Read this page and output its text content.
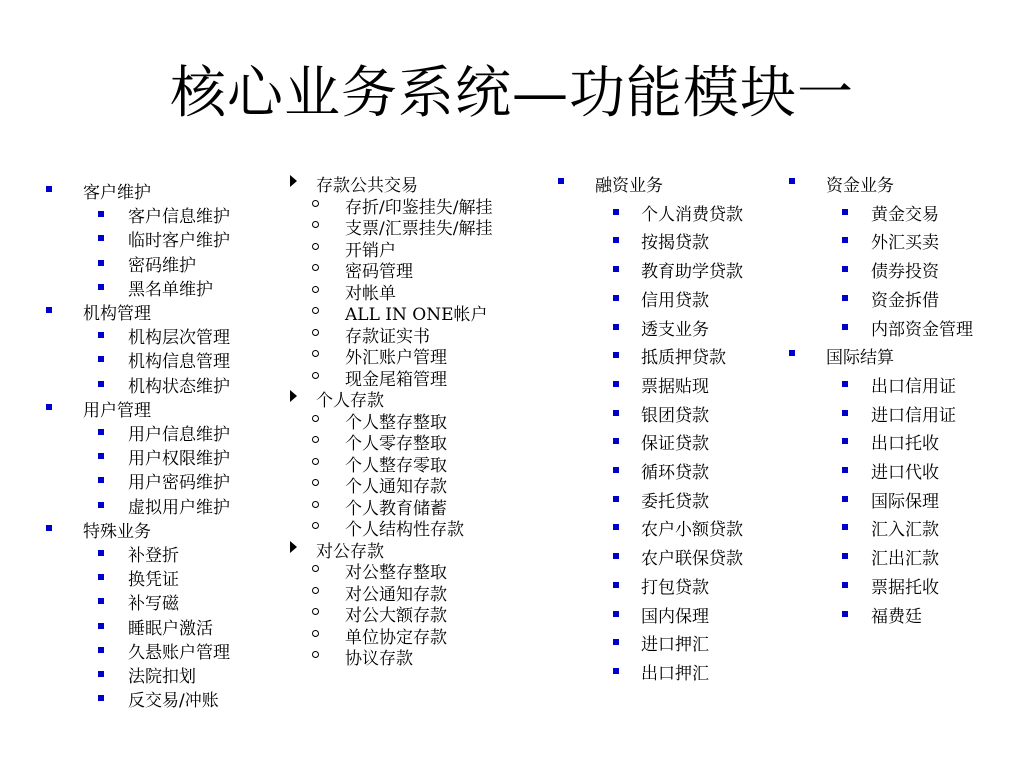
核心业务系统—功能模块一
客户维护
客户信息维护
临时客户维护
密码维护
黑名单维护
机构管理
机构层次管理
机构信息管理
机构状态维护
用户管理
用户信息维护
用户权限维护
用户密码维护
虚拟用户维护
特殊业务
补登折
换凭证
补写磁
睡眠户激活
久悬账户管理
法院扣划
反交易/冲账
存款公共交易
存折/印鉴挂失/解挂
支票/汇票挂失/解挂
开销户
密码管理
对帐单
ALL IN ONE帐户
存款证实书
外汇账户管理
现金尾箱管理
个人存款
个人整存整取
个人零存整取
个人整存零取
个人通知存款
个人教育储蓄
个人结构性存款
对公存款
对公整存整取
对公通知存款
对公大额存款
单位协定存款
协议存款
融资业务
个人消费贷款
按揭贷款
教育助学贷款
信用贷款
透支业务
抵质押贷款
票据贴现
银团贷款
保证贷款
循环贷款
委托贷款
农户小额贷款
农户联保贷款
打包贷款
国内保理
进口押汇
出口押汇
资金业务
黄金交易
外汇买卖
债券投资
资金拆借
内部资金管理
国际结算
出口信用证
进口信用证
出口托收
进口代收
国际保理
汇入汇款
汇出汇款
票据托收
福费廷
